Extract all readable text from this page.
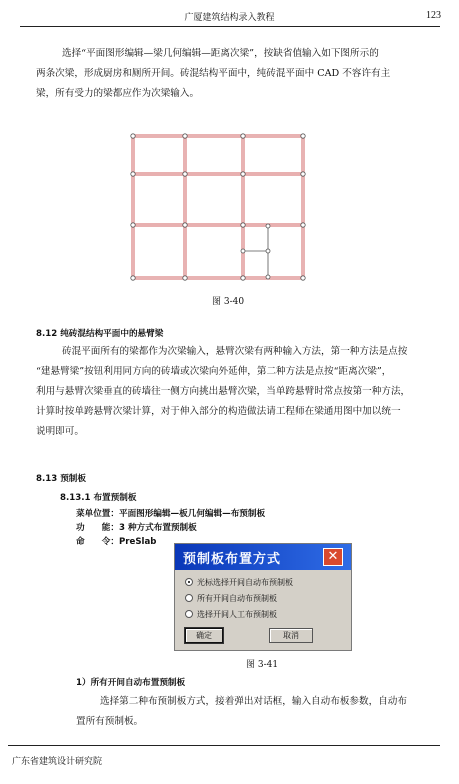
广厦建筑结构录入教程	123
选择“平面图形编辑—梁几何编辑—距离次梁”，按缺省值输入如下图所示的
两条次梁，形成厨房和厕所开间。砖混结构平面中，纯砖混平面中 CAD 不容许有主
梁，所有受力的梁都应作为次梁输入。
图 3-40
8.12 纯砖混结构平面中的悬臂梁
砖混平面所有的梁都作为次梁输入，悬臂次梁有两种输入方法，第一种方法是点按
“建悬臂梁”按钮利用同方向的砖墙或次梁向外延伸，第二种方法是点按“距离次梁”，
利用与悬臂次梁垂直的砖墙往一侧方向挑出悬臂次梁，当单跨悬臂时常点按第一种方法，
计算时按单跨悬臂次梁计算，对于伸入部分的构造做法请工程师在梁通用图中加以统一
说明即可。
8.13 预制板
8.13.1 布置预制板
菜单位置：平面图形编辑—板几何编辑—布预制板
功　　能：3 种方式布置预制板
命　　令：PreSlab
预制板布置方式	✕
光标选择开间自动布预制板
所有开间自动布预制板
选择开间人工布预制板
确定	取消
图 3-41
1）所有开间自动布置预制板
选择第二种布预制板方式，接着弹出对话框，输入自动布板参数，自动布
置所有预制板。
广东省建筑设计研究院
